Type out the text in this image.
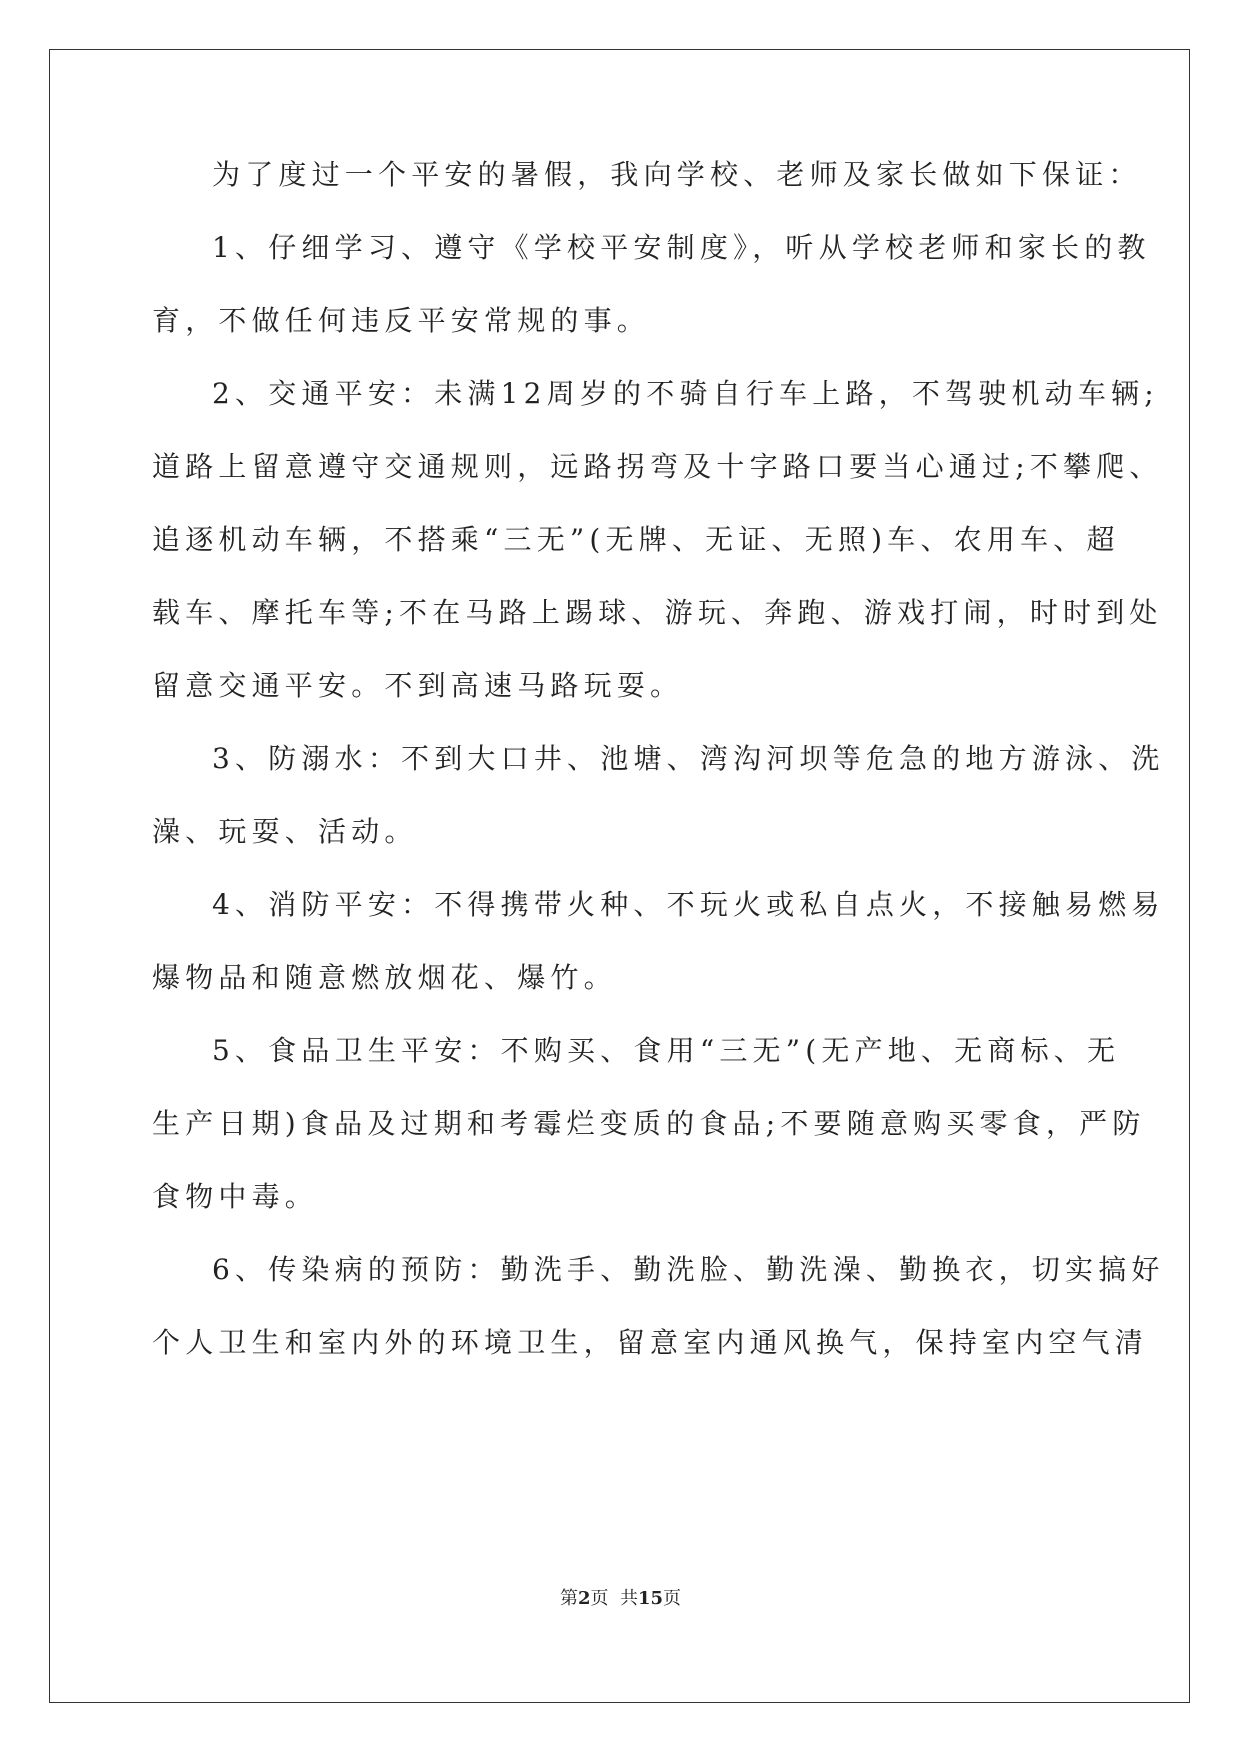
为了度过一个平安的暑假，我向学校、老师及家长做如下保证：
1、仔细学习、遵守《学校平安制度》，听从学校老师和家长的教
育，不做任何违反平安常规的事。
2、交通平安：未满12周岁的不骑自行车上路，不驾驶机动车辆;
道路上留意遵守交通规则，远路拐弯及十字路口要当心通过;不攀爬、
追逐机动车辆，不搭乘“三无”(无牌、无证、无照)车、农用车、超
载车、摩托车等;不在马路上踢球、游玩、奔跑、游戏打闹，时时到处
留意交通平安。不到高速马路玩耍。
3、防溺水：不到大口井、池塘、湾沟河坝等危急的地方游泳、洗
澡、玩耍、活动。
4、消防平安：不得携带火种、不玩火或私自点火，不接触易燃易
爆物品和随意燃放烟花、爆竹。
5、食品卫生平安：不购买、食用“三无”(无产地、无商标、无
生产日期)食品及过期和考霉烂变质的食品;不要随意购买零食，严防
食物中毒。
6、传染病的预防：勤洗手、勤洗脸、勤洗澡、勤换衣，切实搞好
个人卫生和室内外的环境卫生，留意室内通风换气，保持室内空气清
第2页  共15页
